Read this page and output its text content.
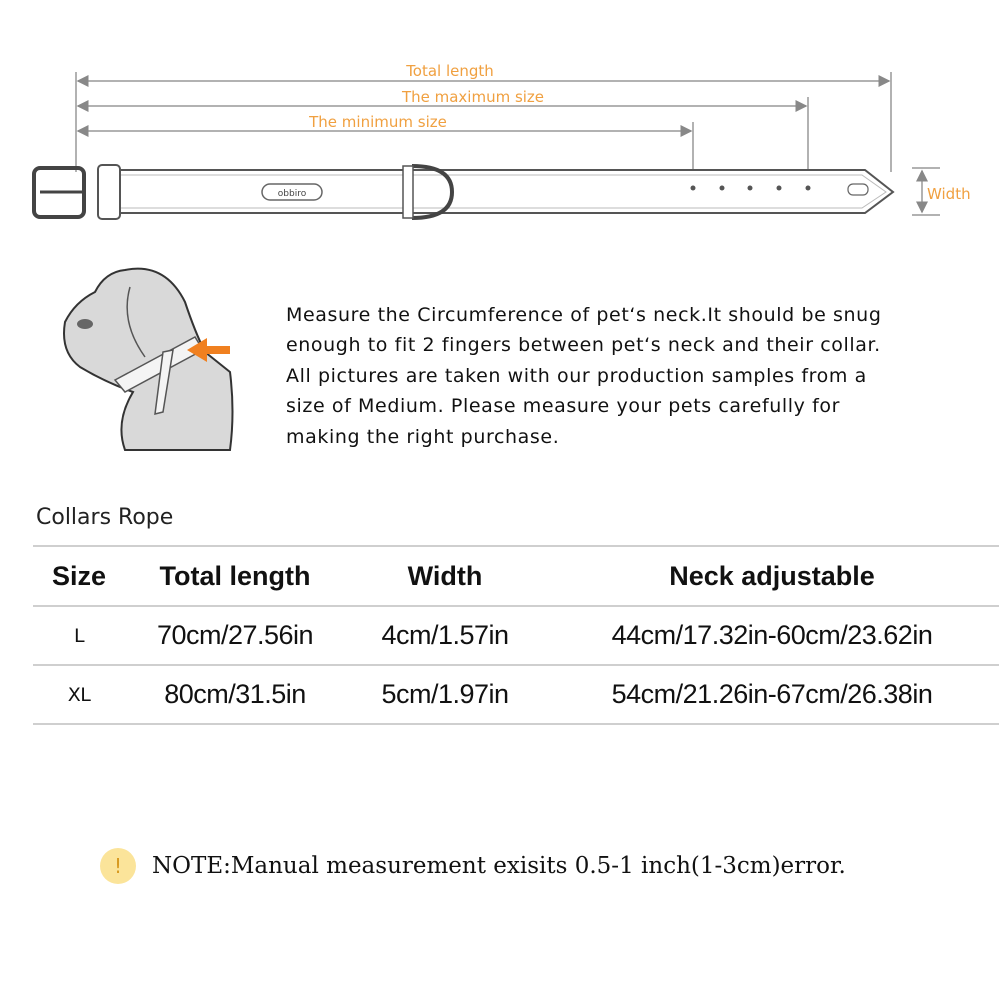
Total length
The maximum size
The minimum size
obbiro	Width

Measure the Circumference of pet‘s neck.It should be snug

enough to fit 2 fingers between pet‘s neck and their collar.

All pictures are taken with our production samples from a

size of Medium. Please measure your pets carefully for

making the right purchase.

Collars Rope
Size	Total length	Width	Neck adjustable
L	70cm/27.56in	4cm/1.57in	44cm/17.32in-60cm/23.62in
XL	80cm/31.5in	5cm/1.97in	54cm/21.26in-67cm/26.38in
!	NOTE:Manual measurement exisits 0.5-1 inch(1-3cm)error.
